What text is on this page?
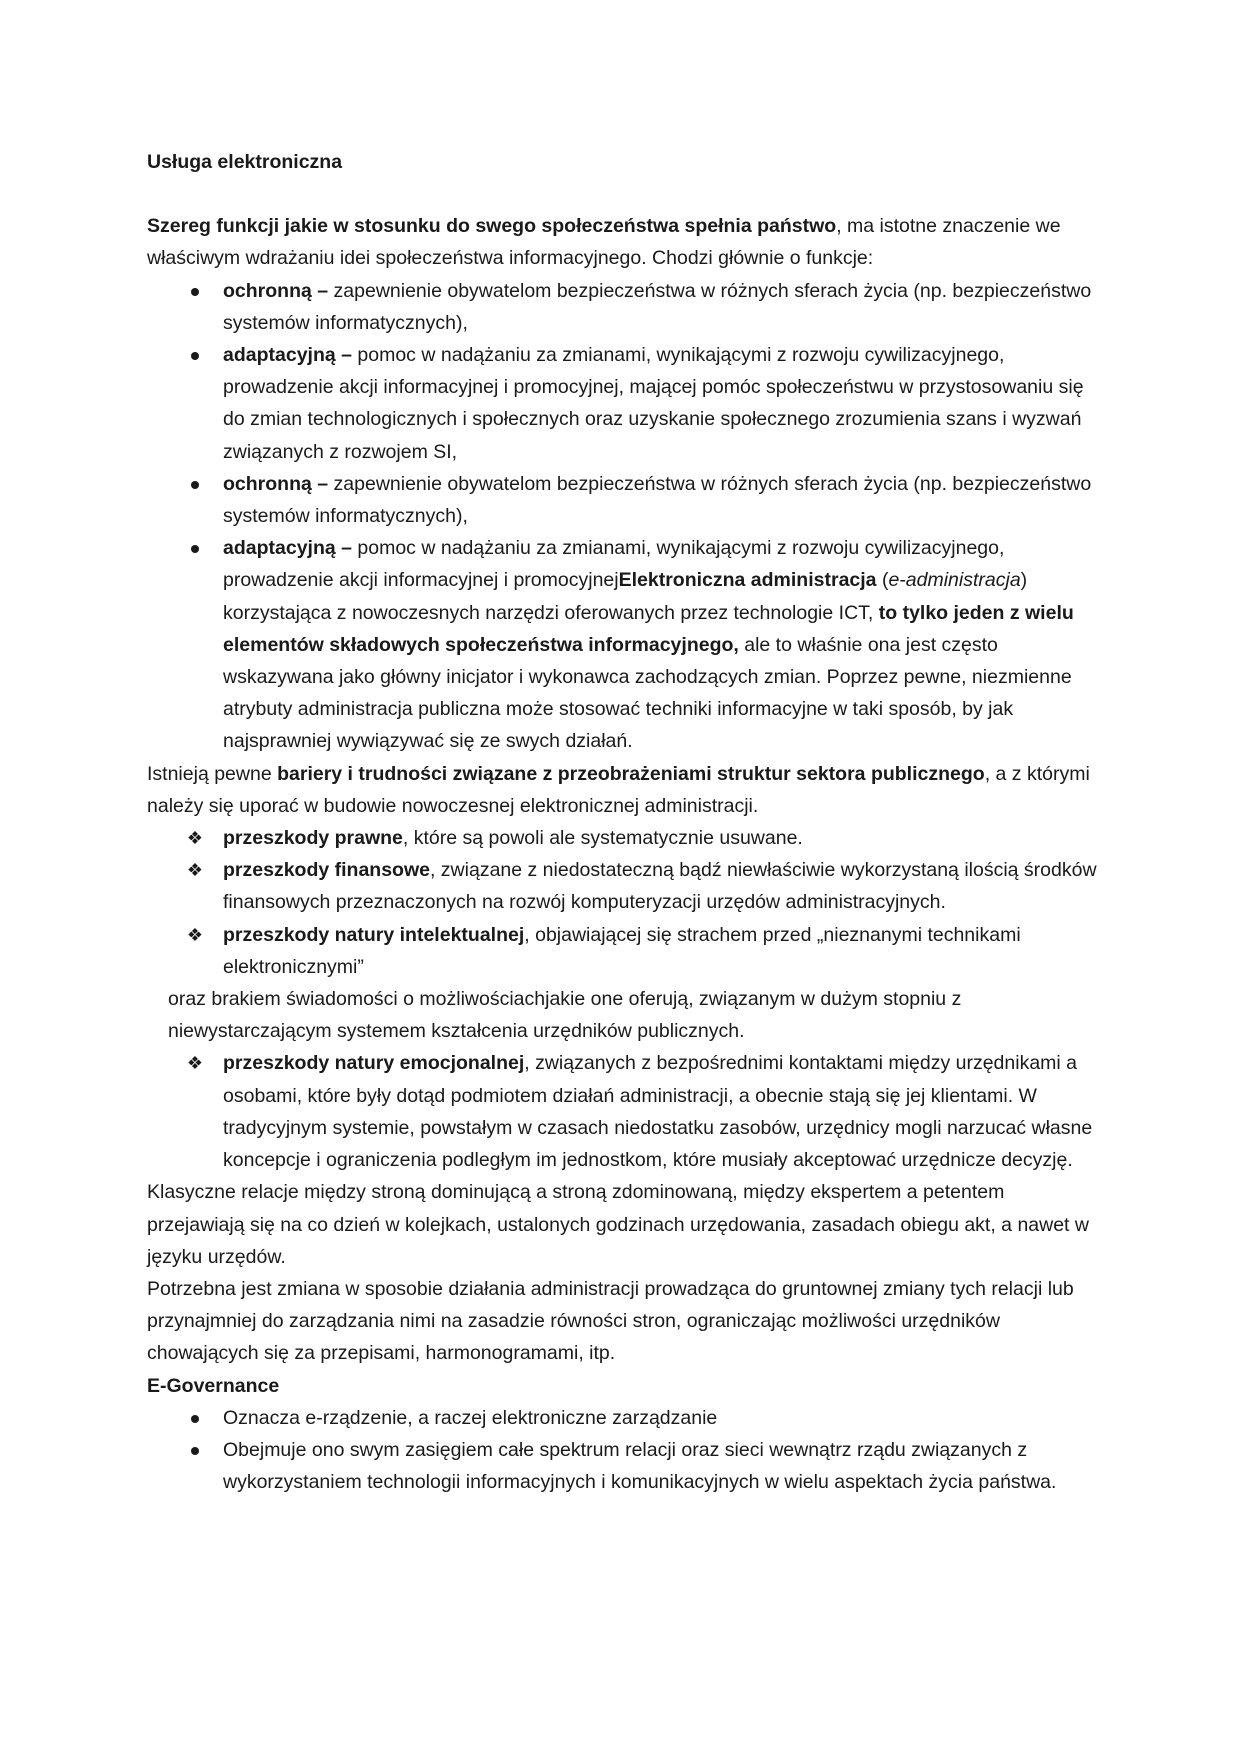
Usługa elektroniczna

Szereg funkcji jakie w stosunku do swego społeczeństwa spełnia państwo, ma istotne znaczenie we właściwym wdrażaniu idei społeczeństwa informacyjnego. Chodzi głównie o funkcje:

ochronną – zapewnienie obywatelom bezpieczeństwa w różnych sferach życia (np. bezpieczeństwo systemów informatycznych),
adaptacyjną – pomoc w nadążaniu za zmianami, wynikającymi z rozwoju cywilizacyjnego, prowadzenie akcji informacyjnej i promocyjnej, mającej pomóc społeczeństwu w przystosowaniu się do zmian technologicznych i społecznych oraz uzyskanie społecznego zrozumienia szans i wyzwań związanych z rozwojem SI,
ochronną – zapewnienie obywatelom bezpieczeństwa w różnych sferach życia (np. bezpieczeństwo systemów informatycznych),
adaptacyjną – pomoc w nadążaniu za zmianami, wynikającymi z rozwoju cywilizacyjnego, prowadzenie akcji informacyjnej i promocyjnejElektroniczna administracja (e-administracja) korzystająca z nowoczesnych narzędzi oferowanych przez technologie ICT, to tylko jeden z wielu elementów składowych społeczeństwa informacyjnego, ale to właśnie ona jest często wskazywana jako główny inicjator i wykonawca zachodzących zmian. Poprzez pewne, niezmienne atrybuty administracja publiczna może stosować techniki informacyjne w taki sposób, by jak najsprawniej wywiązywać się ze swych działań.

Istnieją pewne bariery i trudności związane z przeobrażeniami struktur sektora publicznego, a z którymi należy się uporać w budowie nowoczesnej elektronicznej administracji.

❖ przeszkody prawne, które są powoli ale systematycznie usuwane.
❖ przeszkody finansowe, związane z niedostateczną bądź niewłaściwie wykorzystaną ilością środków finansowych przeznaczonych na rozwój komputeryzacji urzędów administracyjnych.
❖ przeszkody natury intelektualnej, objawiającej się strachem przed „nieznanymi technikami elektronicznymi”

oraz brakiem świadomości o możliwościachjakie one oferują, związanym w dużym stopniu z niewystarczającym systemem kształcenia urzędników publicznych.

❖ przeszkody natury emocjonalnej, związanych z bezpośrednimi kontaktami między urzędnikami a osobami, które były dotąd podmiotem działań administracji, a obecnie stają się jej klientami. W tradycyjnym systemie, powstałym w czasach niedostatku zasobów, urzędnicy mogli narzucać własne koncepcje i ograniczenia podległym im jednostkom, które musiały akceptować urzędnicze decyzję.

Klasyczne relacje między stroną dominującą a stroną zdominowaną, między ekspertem a petentem przejawiają się na co dzień w kolejkach, ustalonych godzinach urzędowania, zasadach obiegu akt, a nawet w języku urzędów.

Potrzebna jest zmiana w sposobie działania administracji prowadząca do gruntownej zmiany tych relacji lub przynajmniej do zarządzania nimi na zasadzie równości stron, ograniczając możliwości urzędników chowających się za przepisami, harmonogramami, itp.

E-Governance

Oznacza e-rządzenie, a raczej elektroniczne zarządzanie
Obejmuje ono swym zasięgiem całe spektrum relacji oraz sieci wewnątrz rządu związanych z wykorzystaniem technologii informacyjnych i komunikacyjnych w wielu aspektach życia państwa.
